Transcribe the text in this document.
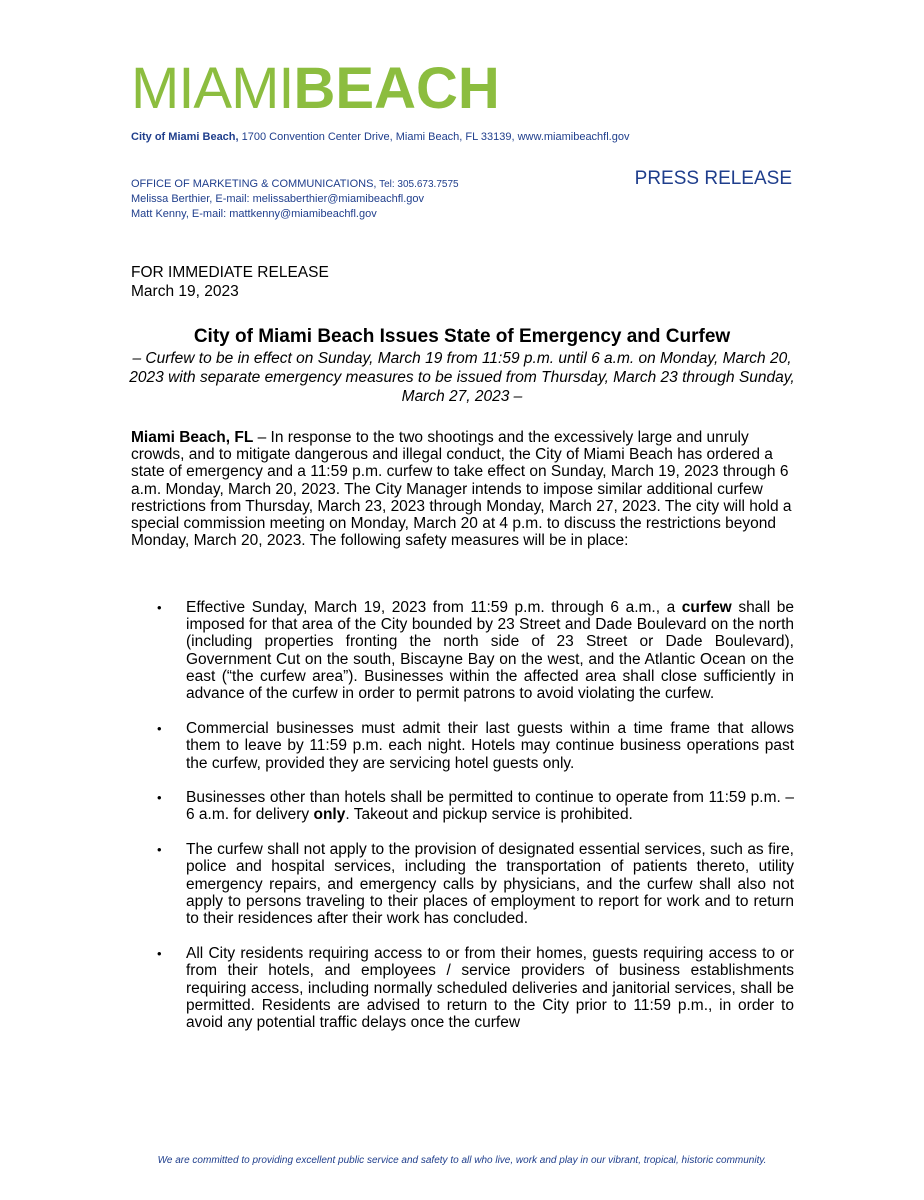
MIAMIBEACH
City of Miami Beach, 1700 Convention Center Drive, Miami Beach, FL 33139, www.miamibeachfl.gov
OFFICE OF MARKETING & COMMUNICATIONS, Tel: 305.673.7575
Melissa Berthier, E-mail: melissaberthier@miamibeachfl.gov
Matt Kenny, E-mail: mattkenny@miamibeachfl.gov
PRESS RELEASE
FOR IMMEDIATE RELEASE
March 19, 2023
City of Miami Beach Issues State of Emergency and Curfew
– Curfew to be in effect on Sunday, March 19 from 11:59 p.m. until 6 a.m. on Monday, March 20, 2023 with separate emergency measures to be issued from Thursday, March 23 through Sunday, March 27, 2023 –
Miami Beach, FL – In response to the two shootings and the excessively large and unruly crowds, and to mitigate dangerous and illegal conduct, the City of Miami Beach has ordered a state of emergency and a 11:59 p.m. curfew to take effect on Sunday, March 19, 2023 through 6 a.m. Monday, March 20, 2023. The City Manager intends to impose similar additional curfew restrictions from Thursday, March 23, 2023 through Monday, March 27, 2023. The city will hold a special commission meeting on Monday, March 20 at 4 p.m. to discuss the restrictions beyond Monday, March 20, 2023. The following safety measures will be in place:
• Effective Sunday, March 19, 2023 from 11:59 p.m. through 6 a.m., a curfew shall be imposed for that area of the City bounded by 23 Street and Dade Boulevard on the north (including properties fronting the north side of 23 Street or Dade Boulevard), Government Cut on the south, Biscayne Bay on the west, and the Atlantic Ocean on the east (“the curfew area”). Businesses within the affected area shall close sufficiently in advance of the curfew in order to permit patrons to avoid violating the curfew.
• Commercial businesses must admit their last guests within a time frame that allows them to leave by 11:59 p.m. each night. Hotels may continue business operations past the curfew, provided they are servicing hotel guests only.
• Businesses other than hotels shall be permitted to continue to operate from 11:59 p.m. – 6 a.m. for delivery only. Takeout and pickup service is prohibited.
• The curfew shall not apply to the provision of designated essential services, such as fire, police and hospital services, including the transportation of patients thereto, utility emergency repairs, and emergency calls by physicians, and the curfew shall also not apply to persons traveling to their places of employment to report for work and to return to their residences after their work has concluded.
• All City residents requiring access to or from their homes, guests requiring access to or from their hotels, and employees / service providers of business establishments requiring access, including normally scheduled deliveries and janitorial services, shall be permitted. Residents are advised to return to the City prior to 11:59 p.m., in order to avoid any potential traffic delays once the curfew
We are committed to providing excellent public service and safety to all who live, work and play in our vibrant, tropical, historic community.
